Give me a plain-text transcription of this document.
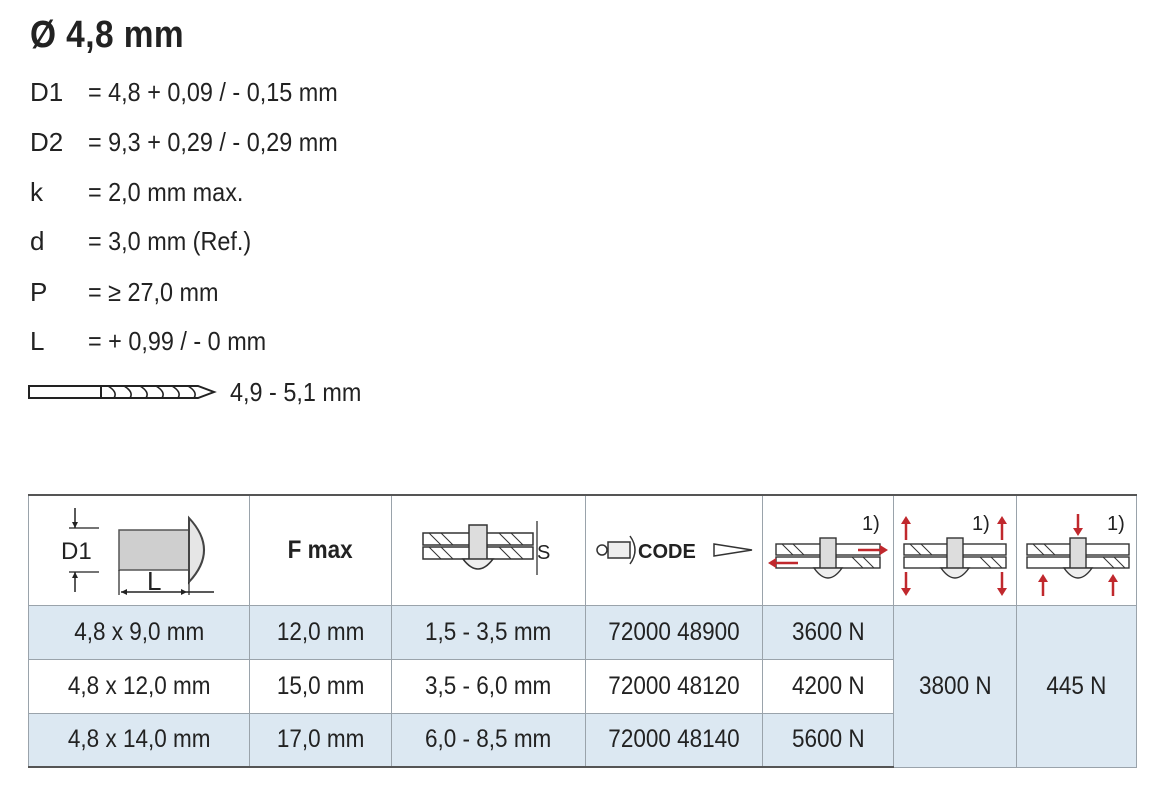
Ø 4,8 mm
D1 = 4,8 + 0,09 / - 0,15 mm
D2 = 9,3 + 0,29 / - 0,29 mm
k = 2,0 mm max.
d = 3,0 mm (Ref.)
P = ≥ 27,0 mm
L = + 0,99 / - 0 mm
4,9 - 5,1 mm
D1
L	F max	S	CODE	1)	1)	1)

4,8 x 9,0 mm	12,0 mm	1,5 - 3,5 mm	72000 48900	3600 N	3800 N	445 N
4,8 x 12,0 mm	15,0 mm	3,5 - 6,0 mm	72000 48120	4200 N		
4,8 x 14,0 mm	17,0 mm	6,0 - 8,5 mm	72000 48140	5600 N		
